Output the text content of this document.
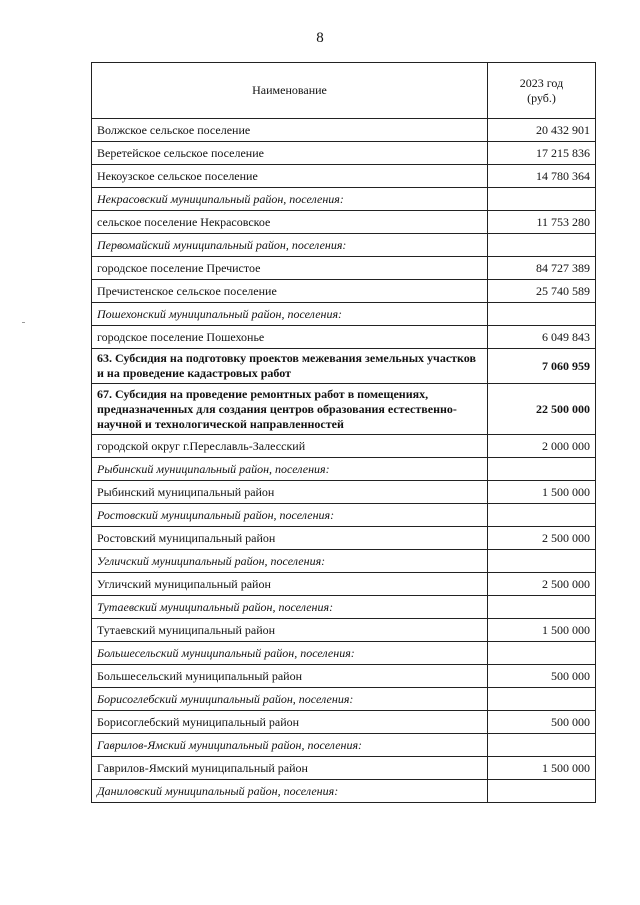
8
Наименование	2023 год
(руб.)
Волжское сельское поселение	20 432 901
Веретейское сельское поселение	17 215 836
Некоузское сельское поселение	14 780 364
Некрасовский муниципальный район, поселения:	
сельское поселение Некрасовское	11 753 280
Первомайский муниципальный район, поселения:	
городское поселение Пречистое	84 727 389
Пречистенское сельское поселение	25 740 589
Пошехонский муниципальный район, поселения:	
городское поселение Пошехонье	6 049 843
63. Субсидия на подготовку проектов межевания земельных участков и на проведение кадастровых работ	7 060 959
67. Субсидия на проведение ремонтных работ в помещениях, предназначенных для создания центров образования естественно-научной и технологической направленностей	22 500 000
городской округ г.Переславль-Залесский	2 000 000
Рыбинский муниципальный район, поселения:	
Рыбинский муниципальный район	1 500 000
Ростовский муниципальный район, поселения:	
Ростовский муниципальный район	2 500 000
Угличский муниципальный район, поселения:	
Угличский муниципальный район	2 500 000
Тутаевский муниципальный район, поселения:	
Тутаевский муниципальный район	1 500 000
Большесельский муниципальный район, поселения:	
Большесельский муниципальный район	500 000
Борисоглебский муниципальный район, поселения:	
Борисоглебский муниципальный район	500 000
Гаврилов-Ямский муниципальный район, поселения:	
Гаврилов-Ямский муниципальный район	1 500 000
Даниловский муниципальный район, поселения:	
